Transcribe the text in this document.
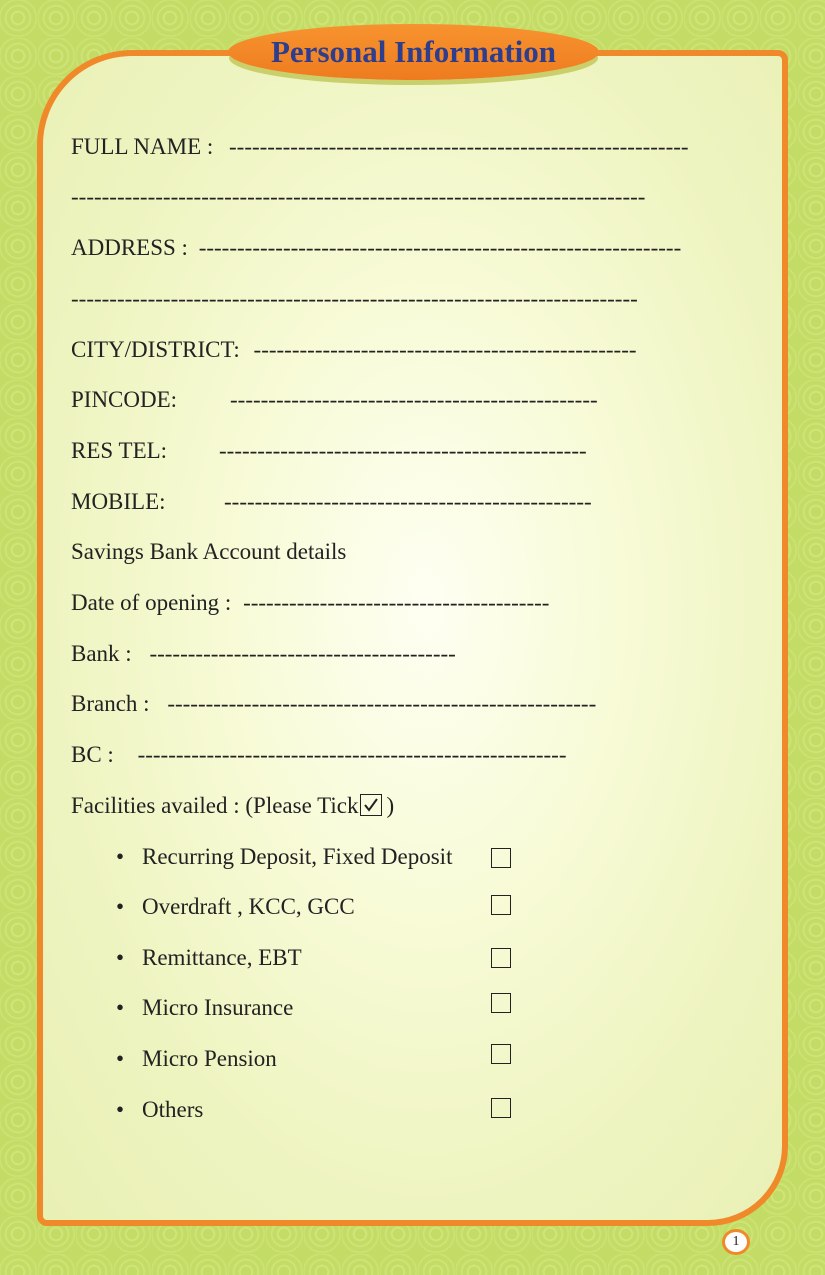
Personal Information
FULL NAME : ------------------------------------------------------------
---------------------------------------------------------------------------
ADDRESS : ---------------------------------------------------------------
--------------------------------------------------------------------------
CITY/DISTRICT: --------------------------------------------------
PINCODE: ------------------------------------------------
RES TEL: ------------------------------------------------
MOBILE:	------------------------------------------------
Savings Bank Account details
Date of opening : ----------------------------------------
Bank : ----------------------------------------
Branch : --------------------------------------------------------
BC : --------------------------------------------------------
Facilities availed : (Please Tick )
• Recurring Deposit, Fixed Deposit
• Overdraft , KCC, GCC
• Remittance, EBT
• Micro Insurance
• Micro Pension
• Others
1
